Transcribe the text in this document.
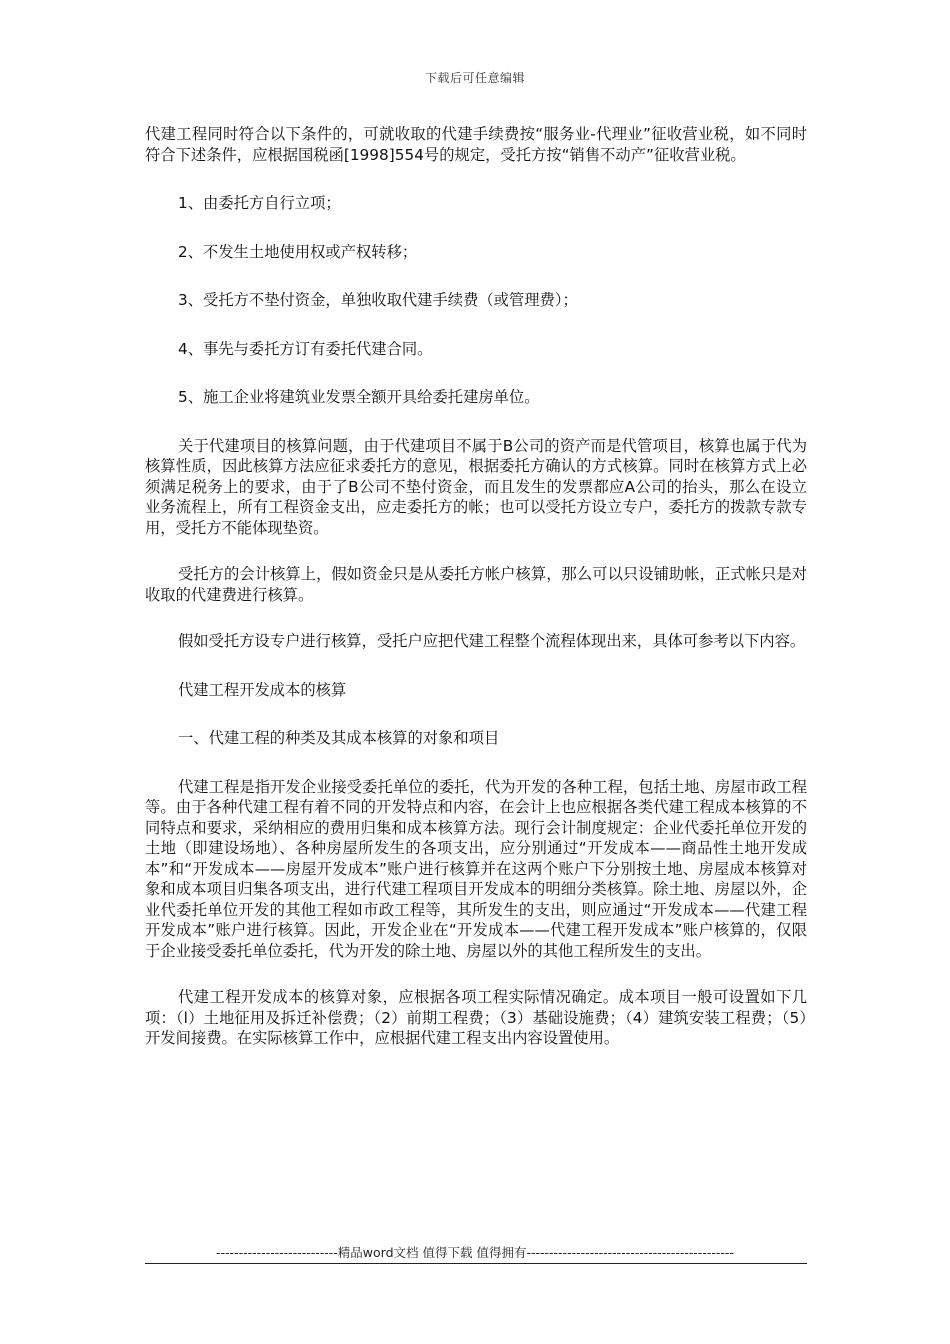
下载后可任意编辑

代建工程同时符合以下条件的，可就收取的代建手续费按“服务业-代理业”征收营业税，如不同时符合下述条件，应根据国税函[1998]554号的规定，受托方按“销售不动产”征收营业税。

1、由委托方自行立项；

2、不发生土地使用权或产权转移；

3、受托方不垫付资金，单独收取代建手续费（或管理费）；

4、事先与委托方订有委托代建合同。

5、施工企业将建筑业发票全额开具给委托建房单位。

关于代建项目的核算问题，由于代建项目不属于B公司的资产而是代管项目，核算也属于代为核算性质，因此核算方法应征求委托方的意见，根据委托方确认的方式核算。同时在核算方式上必须满足税务上的要求，由于了B公司不垫付资金，而且发生的发票都应A公司的抬头，那么在设立业务流程上，所有工程资金支出，应走委托方的帐；也可以受托方设立专户，委托方的拨款专款专用，受托方不能体现垫资。

受托方的会计核算上，假如资金只是从委托方帐户核算，那么可以只设铺助帐，正式帐只是对收取的代建费进行核算。

假如受托方设专户进行核算，受托户应把代建工程整个流程体现出来，具体可参考以下内容。

代建工程开发成本的核算

一、代建工程的种类及其成本核算的对象和项目

代建工程是指开发企业接受委托单位的委托，代为开发的各种工程，包括土地、房屋市政工程等。由于各种代建工程有着不同的开发特点和内容，在会计上也应根据各类代建工程成本核算的不同特点和要求，采纳相应的费用归集和成本核算方法。现行会计制度规定：企业代委托单位开发的土地（即建设场地）、各种房屋所发生的各项支出，应分别通过“开发成本——商品性土地开发成本”和“开发成本——房屋开发成本”账户进行核算并在这两个账户下分别按土地、房屋成本核算对象和成本项目归集各项支出，进行代建工程项目开发成本的明细分类核算。除土地、房屋以外，企业代委托单位开发的其他工程如市政工程等，其所发生的支出，则应通过“开发成本——代建工程开发成本”账户进行核算。因此，开发企业在“开发成本——代建工程开发成本”账户核算的，仅限于企业接受委托单位委托，代为开发的除土地、房屋以外的其他工程所发生的支出。

代建工程开发成本的核算对象，应根据各项工程实际情况确定。成本项目一般可设置如下几项：（l）土地征用及拆迁补偿费；（2）前期工程费；（3）基础设施费；（4）建筑安装工程费；（5）开发间接费。在实际核算工作中，应根据代建工程支出内容设置使用。

---------------------------精品word文档 值得下载 值得拥有----------------------------------------------
